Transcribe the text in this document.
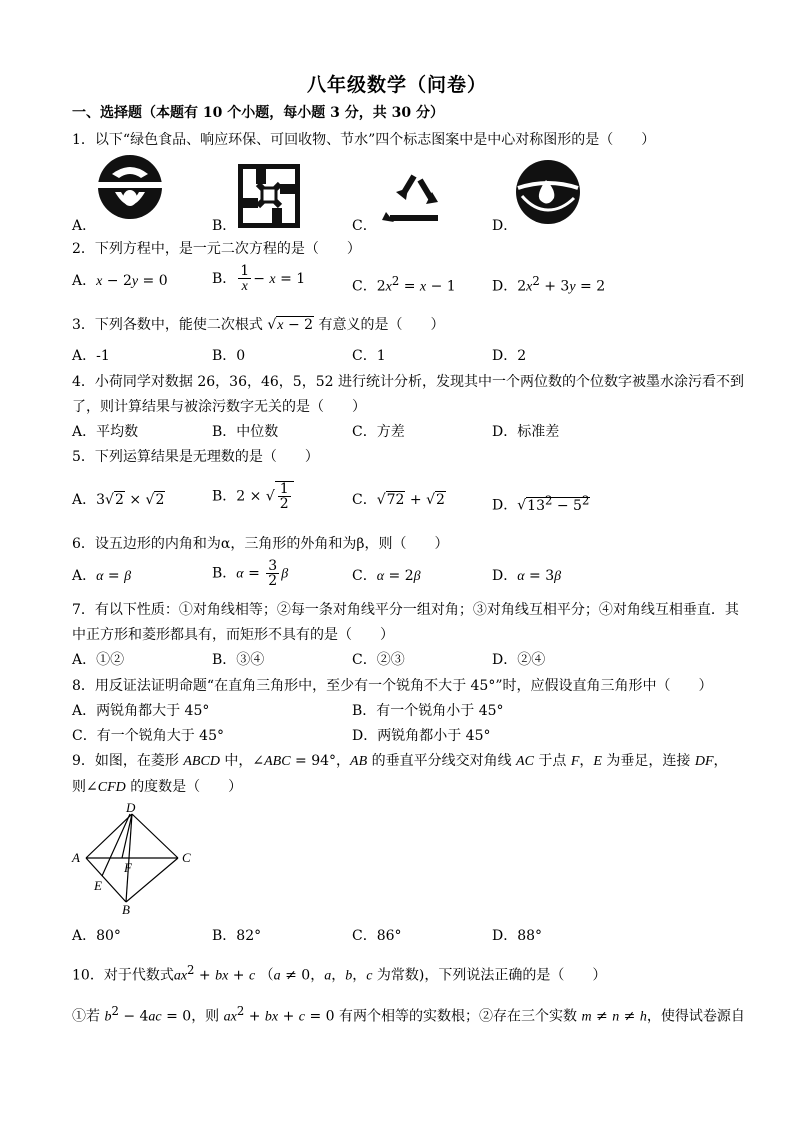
八年级数学（问卷）
一、选择题（本题有 10 个小题，每小题 3 分，共 30 分）
1．以下“绿色食品、响应环保、可回收物、节水”四个标志图案中是中心对称图形的是（　　）
A．	B．	C．	D．
2．下列方程中，是一元二次方程的是（　　）
A．x − 2y = 0	B． $\frac{1}{x} - x = 1$	C．$2x^2 = x - 1$	D．$2x^2 + 3y = 2$
3．下列各数中，能使二次根式 √x − 2 有意义的是（　　）
A．-1	B．0	C．1	D．2
4．小荷同学对数据 26，36，46，5，52 进行统计分析，发现其中一个两位数的个位数字被墨水涂污看不到
了，则计算结果与被涂污数字无关的是（　　）
A．平均数	B．中位数	C．方差	D．标准差
5．下列运算结果是无理数的是（　　）
A．3√2 × √2	B．2 × √ $\frac{1}{2}$	C．√72 + √2	D．$√13^2 - 5^2$
6．设五边形的内角和为α，三角形的外角和为β，则（　　）
A．α = β	B．$\alpha = \frac{3}{2}$ β	C．α = 2β	D．α = 3β
7．有以下性质：①对角线相等；②每一条对角线平分一组对角；③对角线互相平分；④对角线互相垂直．其
中正方形和菱形都具有，而矩形不具有的是（　　）
A．①②	B．③④	C．②③	D．②④
8．用反证法证明命题“在直角三角形中，至少有一个锐角不大于 45°”时，应假设直角三角形中（　　）
A．两锐角都大于 45°	B．有一个锐角小于 45°
C．有一个锐角大于 45°	D．两锐角都小于 45°
9．如图，在菱形 ABCD 中，∠ABC = 94°，AB 的垂直平分线交对角线 AC 于点 F，E 为垂足，连接 DF，
则∠CFD 的度数是（　　）
D
A	C
F
E
B
A．80°	B．82°	C．86°	D．88°
10．对于代数式$ax^2$ + bx + c （a ≠ 0，a，b，c 为常数)，下列说法正确的是（　　）
①若 $b^2 - 4ac = 0$，则 $ax^2$ + bx + c = 0 有两个相等的实数根；②存在三个实数 m ≠ n ≠ h，使得试卷源自
